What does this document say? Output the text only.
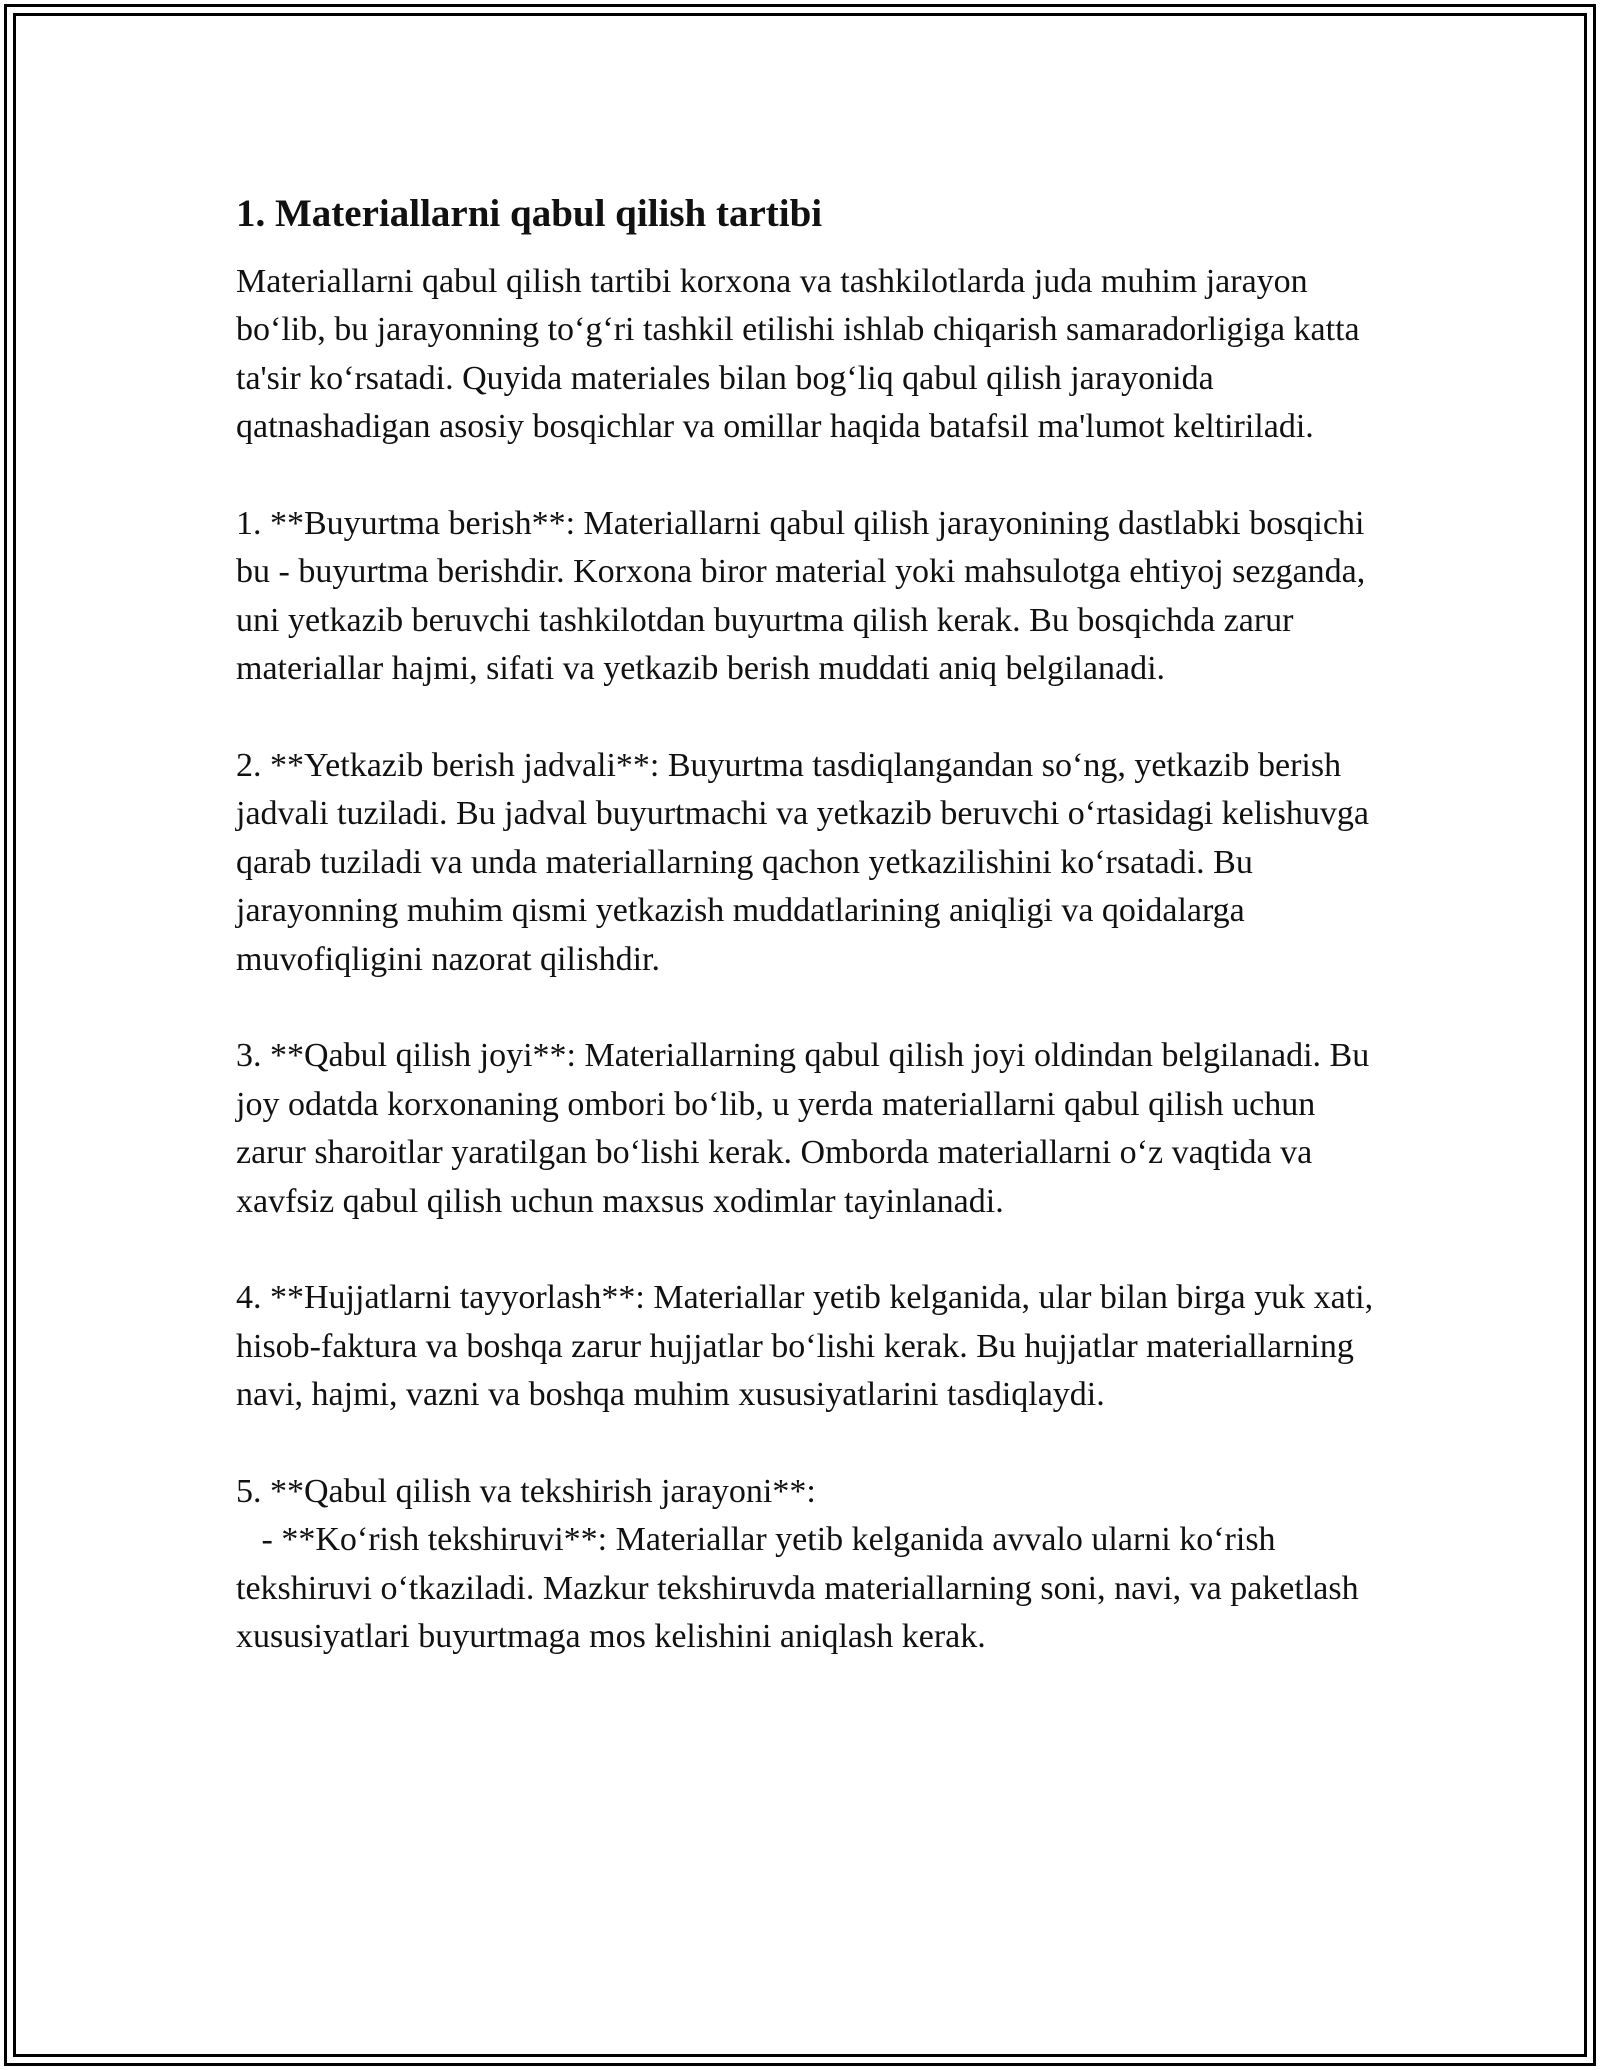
1. Materiallarni qabul qilish tartibi

Materiallarni qabul qilish tartibi korxona va tashkilotlarda juda muhim jarayon bo‘lib, bu jarayonning to‘g‘ri tashkil etilishi ishlab chiqarish samaradorligiga katta ta'sir ko‘rsatadi. Quyida materiales bilan bog‘liq qabul qilish jarayonida qatnashadigan asosiy bosqichlar va omillar haqida batafsil ma'lumot keltiriladi.

1. **Buyurtma berish**: Materiallarni qabul qilish jarayonining dastlabki bosqichi bu - buyurtma berishdir. Korxona biror material yoki mahsulotga ehtiyoj sezganda, uni yetkazib beruvchi tashkilotdan buyurtma qilish kerak. Bu bosqichda zarur materiallar hajmi, sifati va yetkazib berish muddati aniq belgilanadi.

2. **Yetkazib berish jadvali**: Buyurtma tasdiqlangandan so‘ng, yetkazib berish jadvali tuziladi. Bu jadval buyurtmachi va yetkazib beruvchi o‘rtasidagi kelishuvga qarab tuziladi va unda materiallarning qachon yetkazilishini ko‘rsatadi. Bu jarayonning muhim qismi yetkazish muddatlarining aniqligi va qoidalarga muvofiqligini nazorat qilishdir.

3. **Qabul qilish joyi**: Materiallarning qabul qilish joyi oldindan belgilanadi. Bu joy odatda korxonaning ombori bo‘lib, u yerda materiallarni qabul qilish uchun zarur sharoitlar yaratilgan bo‘lishi kerak. Omborda materiallarni o‘z vaqtida va xavfsiz qabul qilish uchun maxsus xodimlar tayinlanadi.

4. **Hujjatlarni tayyorlash**: Materiallar yetib kelganida, ular bilan birga yuk xati, hisob-faktura va boshqa zarur hujjatlar bo‘lishi kerak. Bu hujjatlar materiallarning navi, hajmi, vazni va boshqa muhim xususiyatlarini tasdiqlaydi.

5. **Qabul qilish va tekshirish jarayoni**:

- **Ko‘rish tekshiruvi**: Materiallar yetib kelganida avvalo ularni ko‘rish tekshiruvi o‘tkaziladi. Mazkur tekshiruvda materiallarning soni, navi, va paketlash xususiyatlari buyurtmaga mos kelishini aniqlash kerak.
